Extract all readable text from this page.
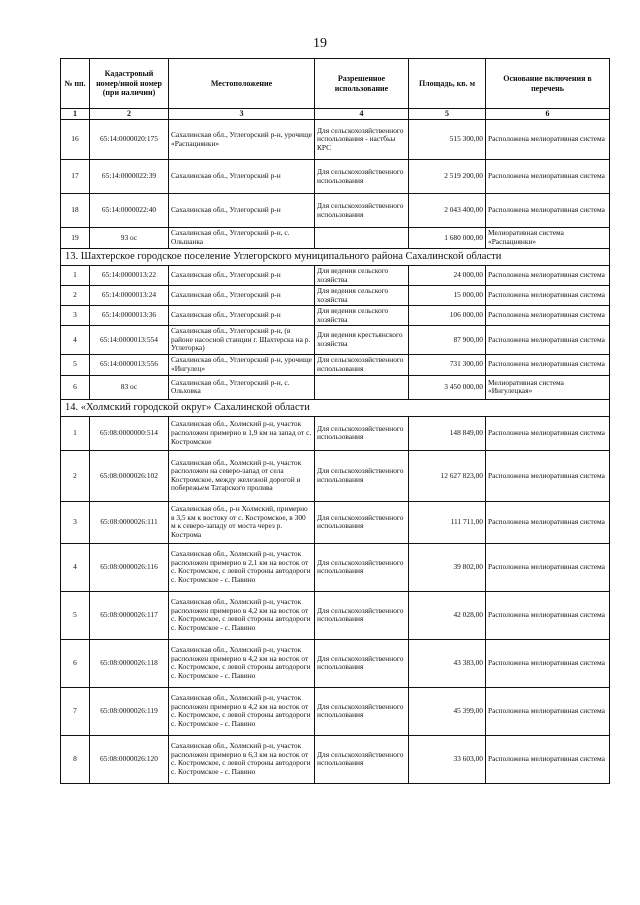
19
№ пп.	Кадастровый номер/иной номер (при наличии)	Местоположение	Разрешенное использование	Площадь, кв. м	Основание включения в перечень
1	2	3	4	5	6
16	65:14:0000020:175	Сахалинская обл., Углегорский р-н, урочище «Распацнянки»	Для сельскохозяйственного использования - настбьы КРС	515 300,00	Расположена мелиоративная система
17	65:14:0000022:39	Сахалинская обл., Углегорский р-н	Для сельскохозяйственного использования	2 519 200,00	Расположена мелиоративная система
18	65:14:0000022:40	Сахалинская обл., Углегорский р-н	Для сельскохозяйственного использования	2 043 400,00	Расположена мелиоративная система
19	93 ос	Сахалинская обл., Углегорский р-н, с. Ольшанка		1 680 000,00	Мелиоративная система «Распацнянки»
13. Шахтерское городское поселение Углегорского муниципального района Сахалинской области					
1	65:14:0000013:22	Сахалинская обл., Углегорский р-н	Для ведения сельского хозяйства	24 000,00	Расположена мелиоративная система
2	65:14:0000013:24	Сахалинская обл., Углегорский р-н	Для ведения сельского хозяйства	15 000,00	Расположена мелиоративная система
3	65:14:0000013:36	Сахалинская обл., Углегорский р-н	Для ведения сельского хозяйства	106 000,00	Расположена мелиоративная система
4	65:14:0000013:554	Сахалинская обл., Углегорский р-н, (в районе насосной станции г. Шахтерска на р. Углегорка)	Для ведения крестьянского хозяйства	87 900,00	Расположена мелиоративная система
5	65:14:0000013:556	Сахалинская обл., Углегорский р-н, урочище «Ингулец»	Для сельскохозяйственного использования	731 300,00	Расположена мелиоративная система
6	83 ос	Сахалинская обл., Углегорский р-н, с. Ольховка		3 450 000,00	Мелиоративная система «Ингулецкая»
14. «Холмский городской округ» Сахалинской области					
1	65:08:0000000:514	Сахалинская обл., Холмский р-н, участок расположен примерно в 1,9 км на запад от с. Костромское	Для сельскохозяйственного использования	148 849,00	Расположена мелиоративная система
2	65:08:0000026:102	Сахалинская обл., Холмский р-н, участок расположен на северо-запад от села Костромское, между железной дорогой и побережьем Татарского пролива	Для сельскохозяйственного использования	12 627 823,00	Расположена мелиоративная система
3	65:08:0000026:111	Сахалинская обл., р-н Холмский, примерно в 3,5 км к востоку от с. Костромское, в 300 м к северо-западу от моста через р. Кострома	Для сельскохозяйственного использования	111 711,00	Расположена мелиоративная система
4	65:08:0000026:116	Сахалинская обл., Холмский р-н, участок расположен примерно в 2,1 км на восток от с. Костромское, с левой стороны автодороги с. Костромское - с. Павино	Для сельскохозяйственного использования	39 802,00	Расположена мелиоративная система
5	65:08:0000026:117	Сахалинская обл., Холмский р-н, участок расположен примерно в 4,2 км на восток от с. Костромское, с левой стороны автодороги с. Костромское - с. Павино	Для сельскохозяйственного использования	42 028,00	Расположена мелиоративная система
6	65:08:0000026:118	Сахалинская обл., Холмский р-н, участок расположен примерно в 4,2 км на восток от с. Костромское, с левой стороны автодороги с. Костромское - с. Павино	Для сельскохозяйственного использования	43 383,00	Расположена мелиоративная система
7	65:08:0000026:119	Сахалинская обл., Холмский р-н, участок расположен примерно в 4,2 км на восток от с. Костромское, с левой стороны автодороги с. Костромское - с. Павино	Для сельскохозяйственного использования	45 399,00	Расположена мелиоративная система
8	65:08:0000026:120	Сахалинская обл., Холмский р-н, участок расположен примерно в 6,3 км на восток от с. Костромское, с левой стороны автодороги с. Костромское - с. Павино	Для сельскохозяйственного использования	33 603,00	Расположена мелиоративная система
